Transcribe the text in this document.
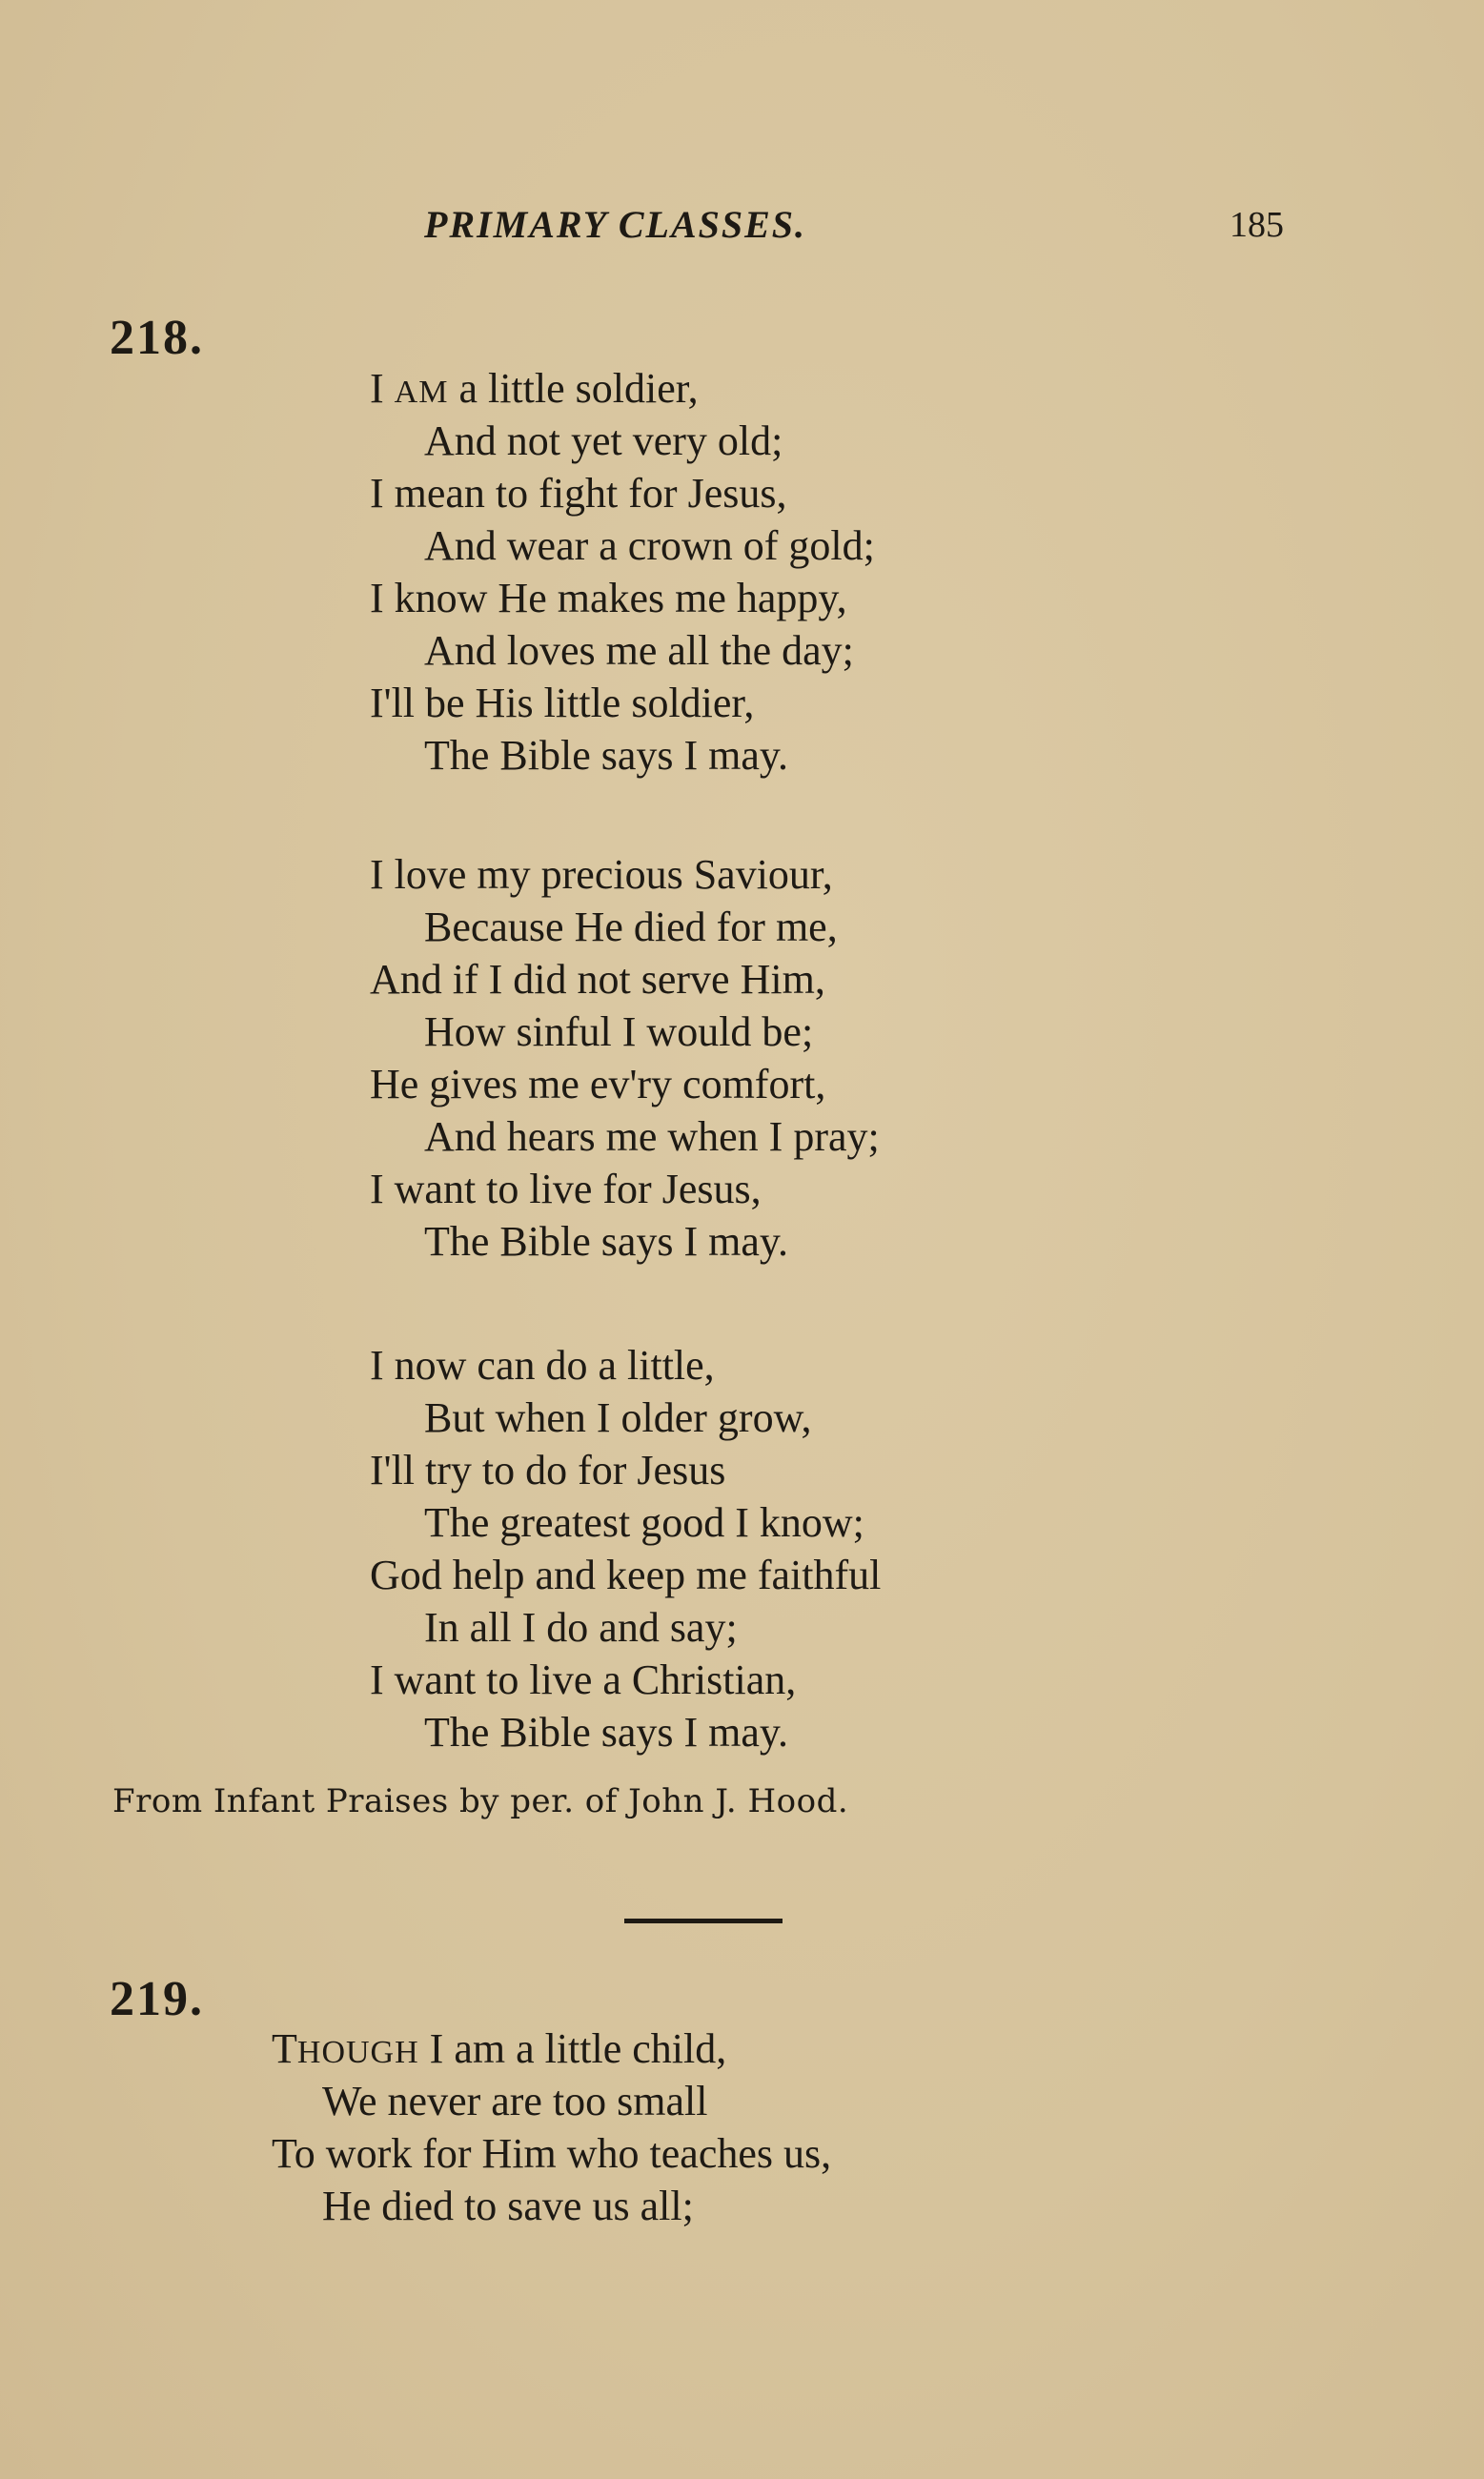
PRIMARY CLASSES.	185
218.
I AM a little soldier,
And not yet very old;
I mean to fight for Jesus,
And wear a crown of gold;
I know He makes me happy,
And loves me all the day;
I'll be His little soldier,
The Bible says I may.
I love my precious Saviour,
Because He died for me,
And if I did not serve Him,
How sinful I would be;
He gives me ev'ry comfort,
And hears me when I pray;
I want to live for Jesus,
The Bible says I may.
I now can do a little,
But when I older grow,
I'll try to do for Jesus
The greatest good I know;
God help and keep me faithful
In all I do and say;
I want to live a Christian,
The Bible says I may.
From Infant Praises by per. of John J. Hood.
219.
THOUGH I am a little child,
We never are too small
To work for Him who teaches us,
He died to save us all;
